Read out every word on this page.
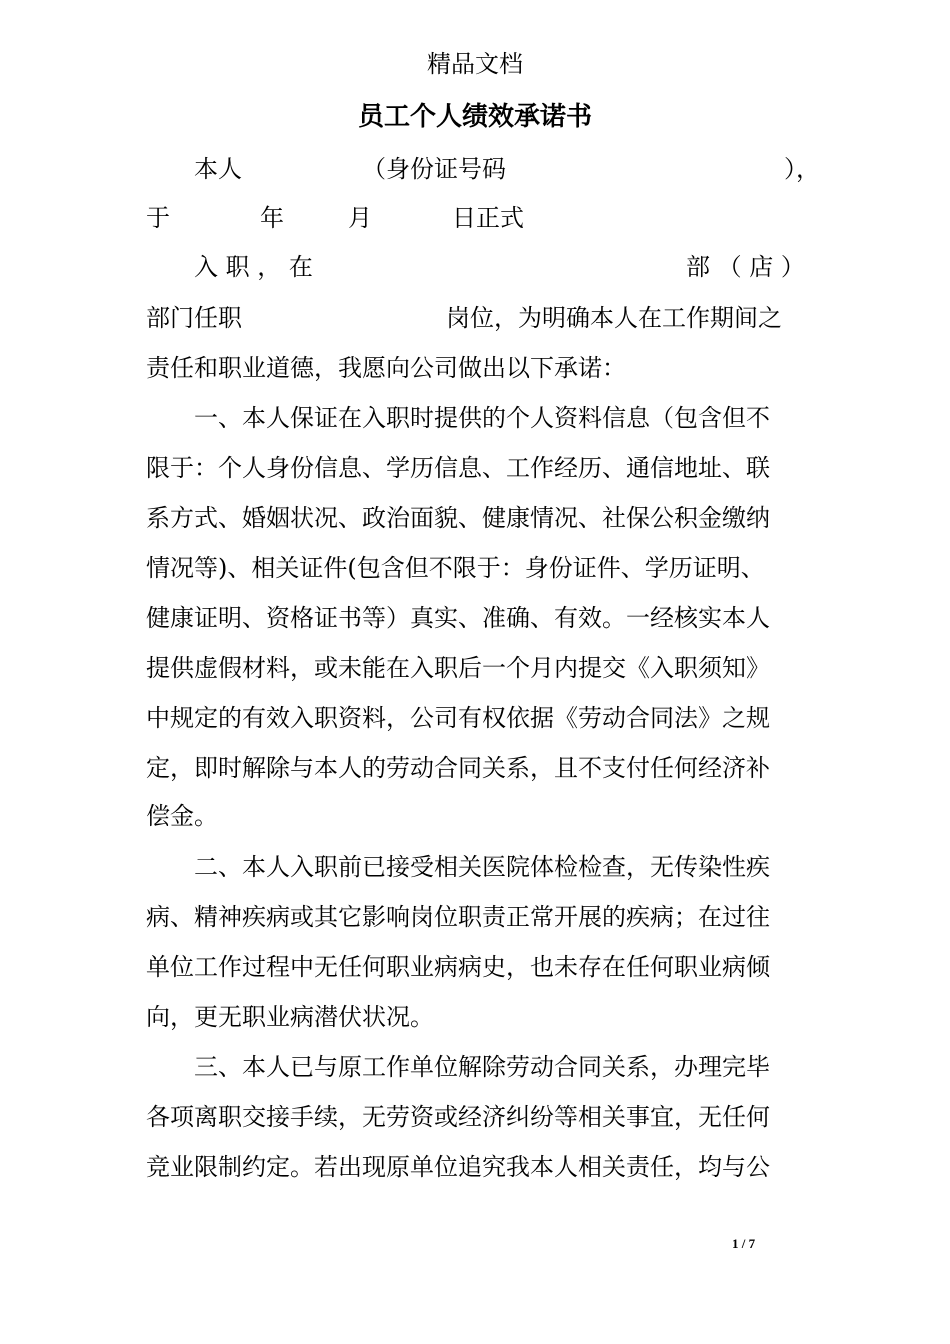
精品文档
员工个人绩效承诺书
本人	（身份证号码	），
于	年	月	日正式
入 职 ， 在	部 （ 店 ）
部门任职	岗位，为明确本人在工作期间之
责任和职业道德，我愿向公司做出以下承诺：
一、本人保证在入职时提供的个人资料信息（包含但不
限于：个人身份信息、学历信息、工作经历、通信地址、联
系方式、婚姻状况、政治面貌、健康情况、社保公积金缴纳
情况等)、相关证件(包含但不限于：身份证件、学历证明、
健康证明、资格证书等）真实、准确、有效。一经核实本人
提供虚假材料，或未能在入职后一个月内提交《入职须知》
中规定的有效入职资料，公司有权依据《劳动合同法》之规
定，即时解除与本人的劳动合同关系，且不支付任何经济补
偿金。
二、本人入职前已接受相关医院体检检查，无传染性疾
病、精神疾病或其它影响岗位职责正常开展的疾病；在过往
单位工作过程中无任何职业病病史，也未存在任何职业病倾
向，更无职业病潜伏状况。
三、本人已与原工作单位解除劳动合同关系，办理完毕
各项离职交接手续，无劳资或经济纠纷等相关事宜，无任何
竞业限制约定。若出现原单位追究我本人相关责任，均与公
1 / 7
